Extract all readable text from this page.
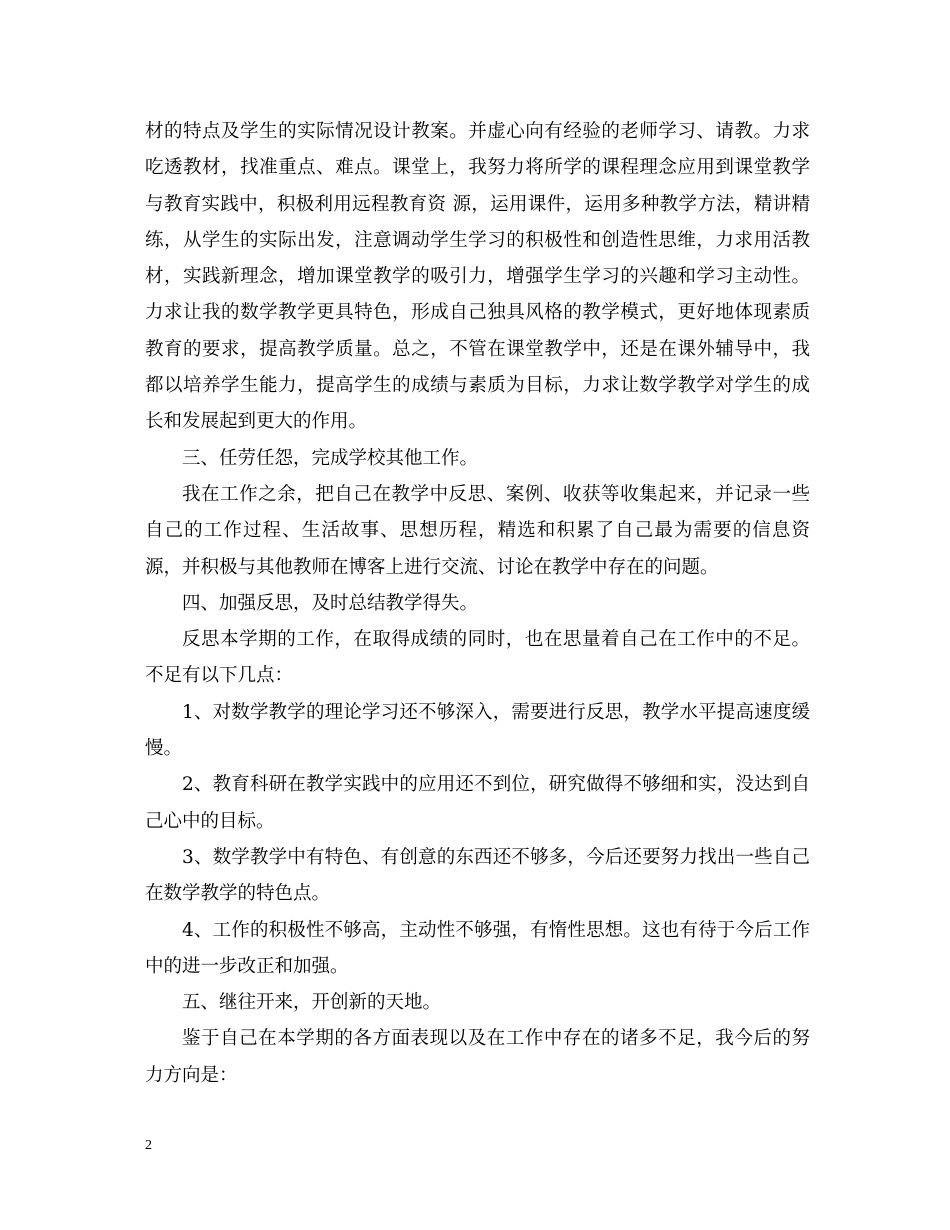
材的特点及学生的实际情况设计教案。并虚心向有经验的老师学习、请教。力求吃透教材，找准重点、难点。课堂上，我努力将所学的课程理念应用到课堂教学与教育实践中，积极利用远程教育资 源，运用课件，运用多种教学方法，精讲精练，从学生的实际出发，注意调动学生学习的积极性和创造性思维，力求用活教材，实践新理念，增加课堂教学的吸引力，增强学生学习的兴趣和学习主动性。力求让我的数学教学更具特色，形成自己独具风格的教学模式，更好地体现素质教育的要求，提高教学质量。总之，不管在课堂教学中，还是在课外辅导中，我都以培养学生能力，提高学生的成绩与素质为目标，力求让数学教学对学生的成长和发展起到更大的作用。

三、任劳任怨，完成学校其他工作。

我在工作之余，把自己在教学中反思、案例、收获等收集起来，并记录一些自己的工作过程、生活故事、思想历程，精选和积累了自己最为需要的信息资源，并积极与其他教师在博客上进行交流、讨论在教学中存在的问题。

四、加强反思，及时总结教学得失。

反思本学期的工作，在取得成绩的同时，也在思量着自己在工作中的不足。不足有以下几点：

1、对数学教学的理论学习还不够深入，需要进行反思，教学水平提高速度缓慢。

2、教育科研在教学实践中的应用还不到位，研究做得不够细和实，没达到自己心中的目标。

3、数学教学中有特色、有创意的东西还不够多，今后还要努力找出一些自己在数学教学的特色点。

4、工作的积极性不够高，主动性不够强，有惰性思想。这也有待于今后工作中的进一步改正和加强。

五、继往开来，开创新的天地。

鉴于自己在本学期的各方面表现以及在工作中存在的诸多不足，我今后的努力方向是：

2
